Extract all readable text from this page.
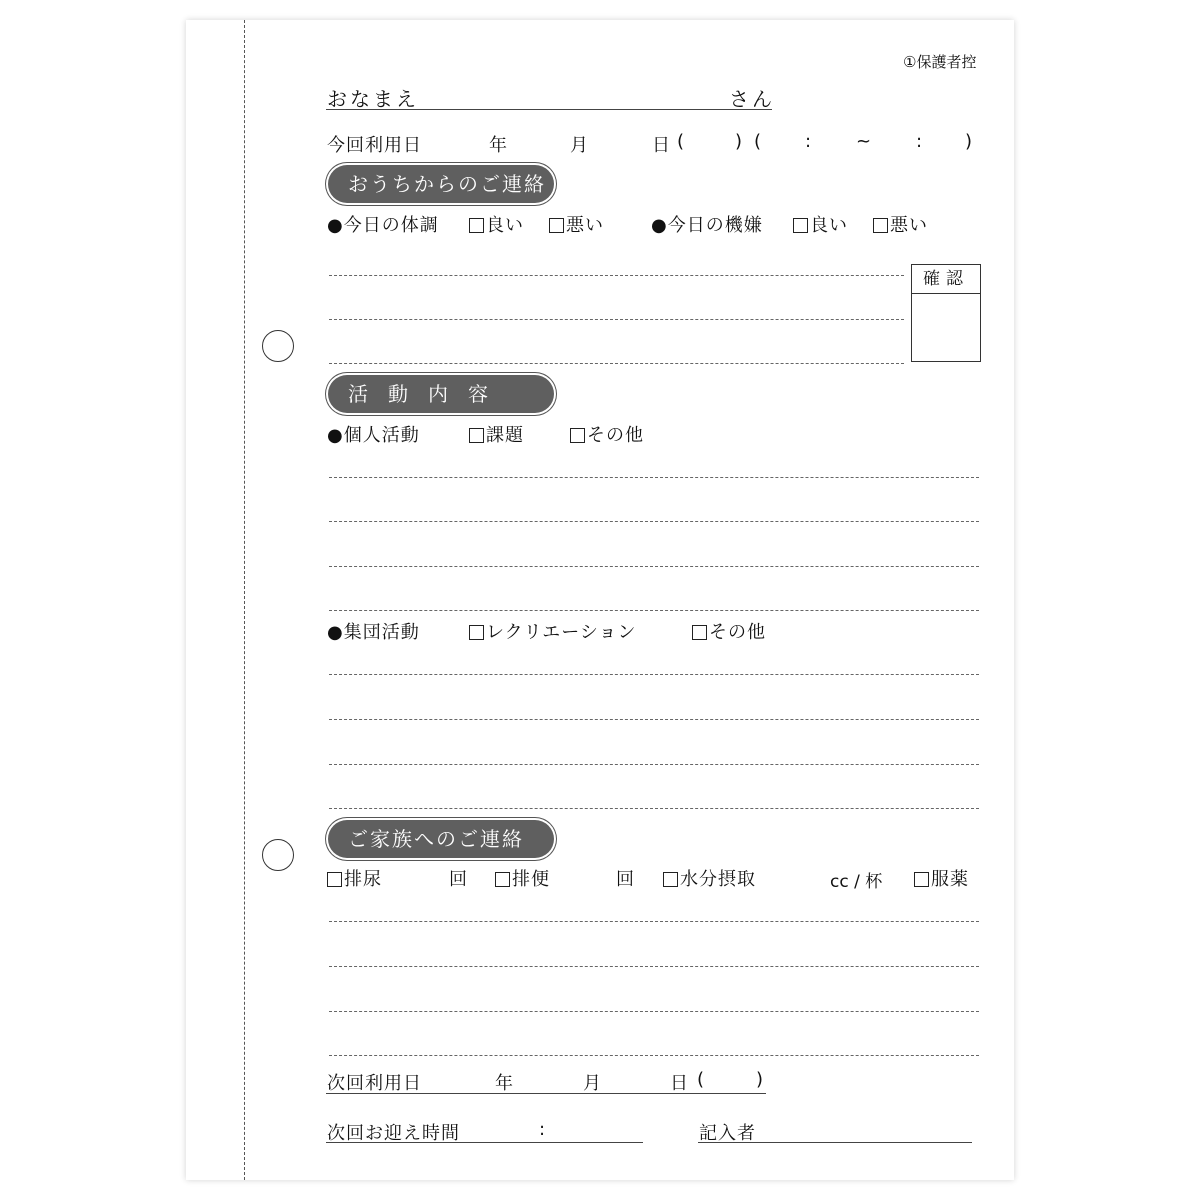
①保護者控
おなまえ	さん
今回利用日	年	月	日 (	) ( : ~ : )
おうちからのご連絡
●今日の体調	良い	悪い	●今日の機嫌	良い	悪い
確認
活　動　内　容
●個人活動	課題	その他
●集団活動	レクリエーション	その他
ご家族へのご連絡
排尿	回	排便	回	水分摂取	cc / 杯	服薬
次回利用日	年	月	日 (	)
次回お迎え時間	:	記入者
